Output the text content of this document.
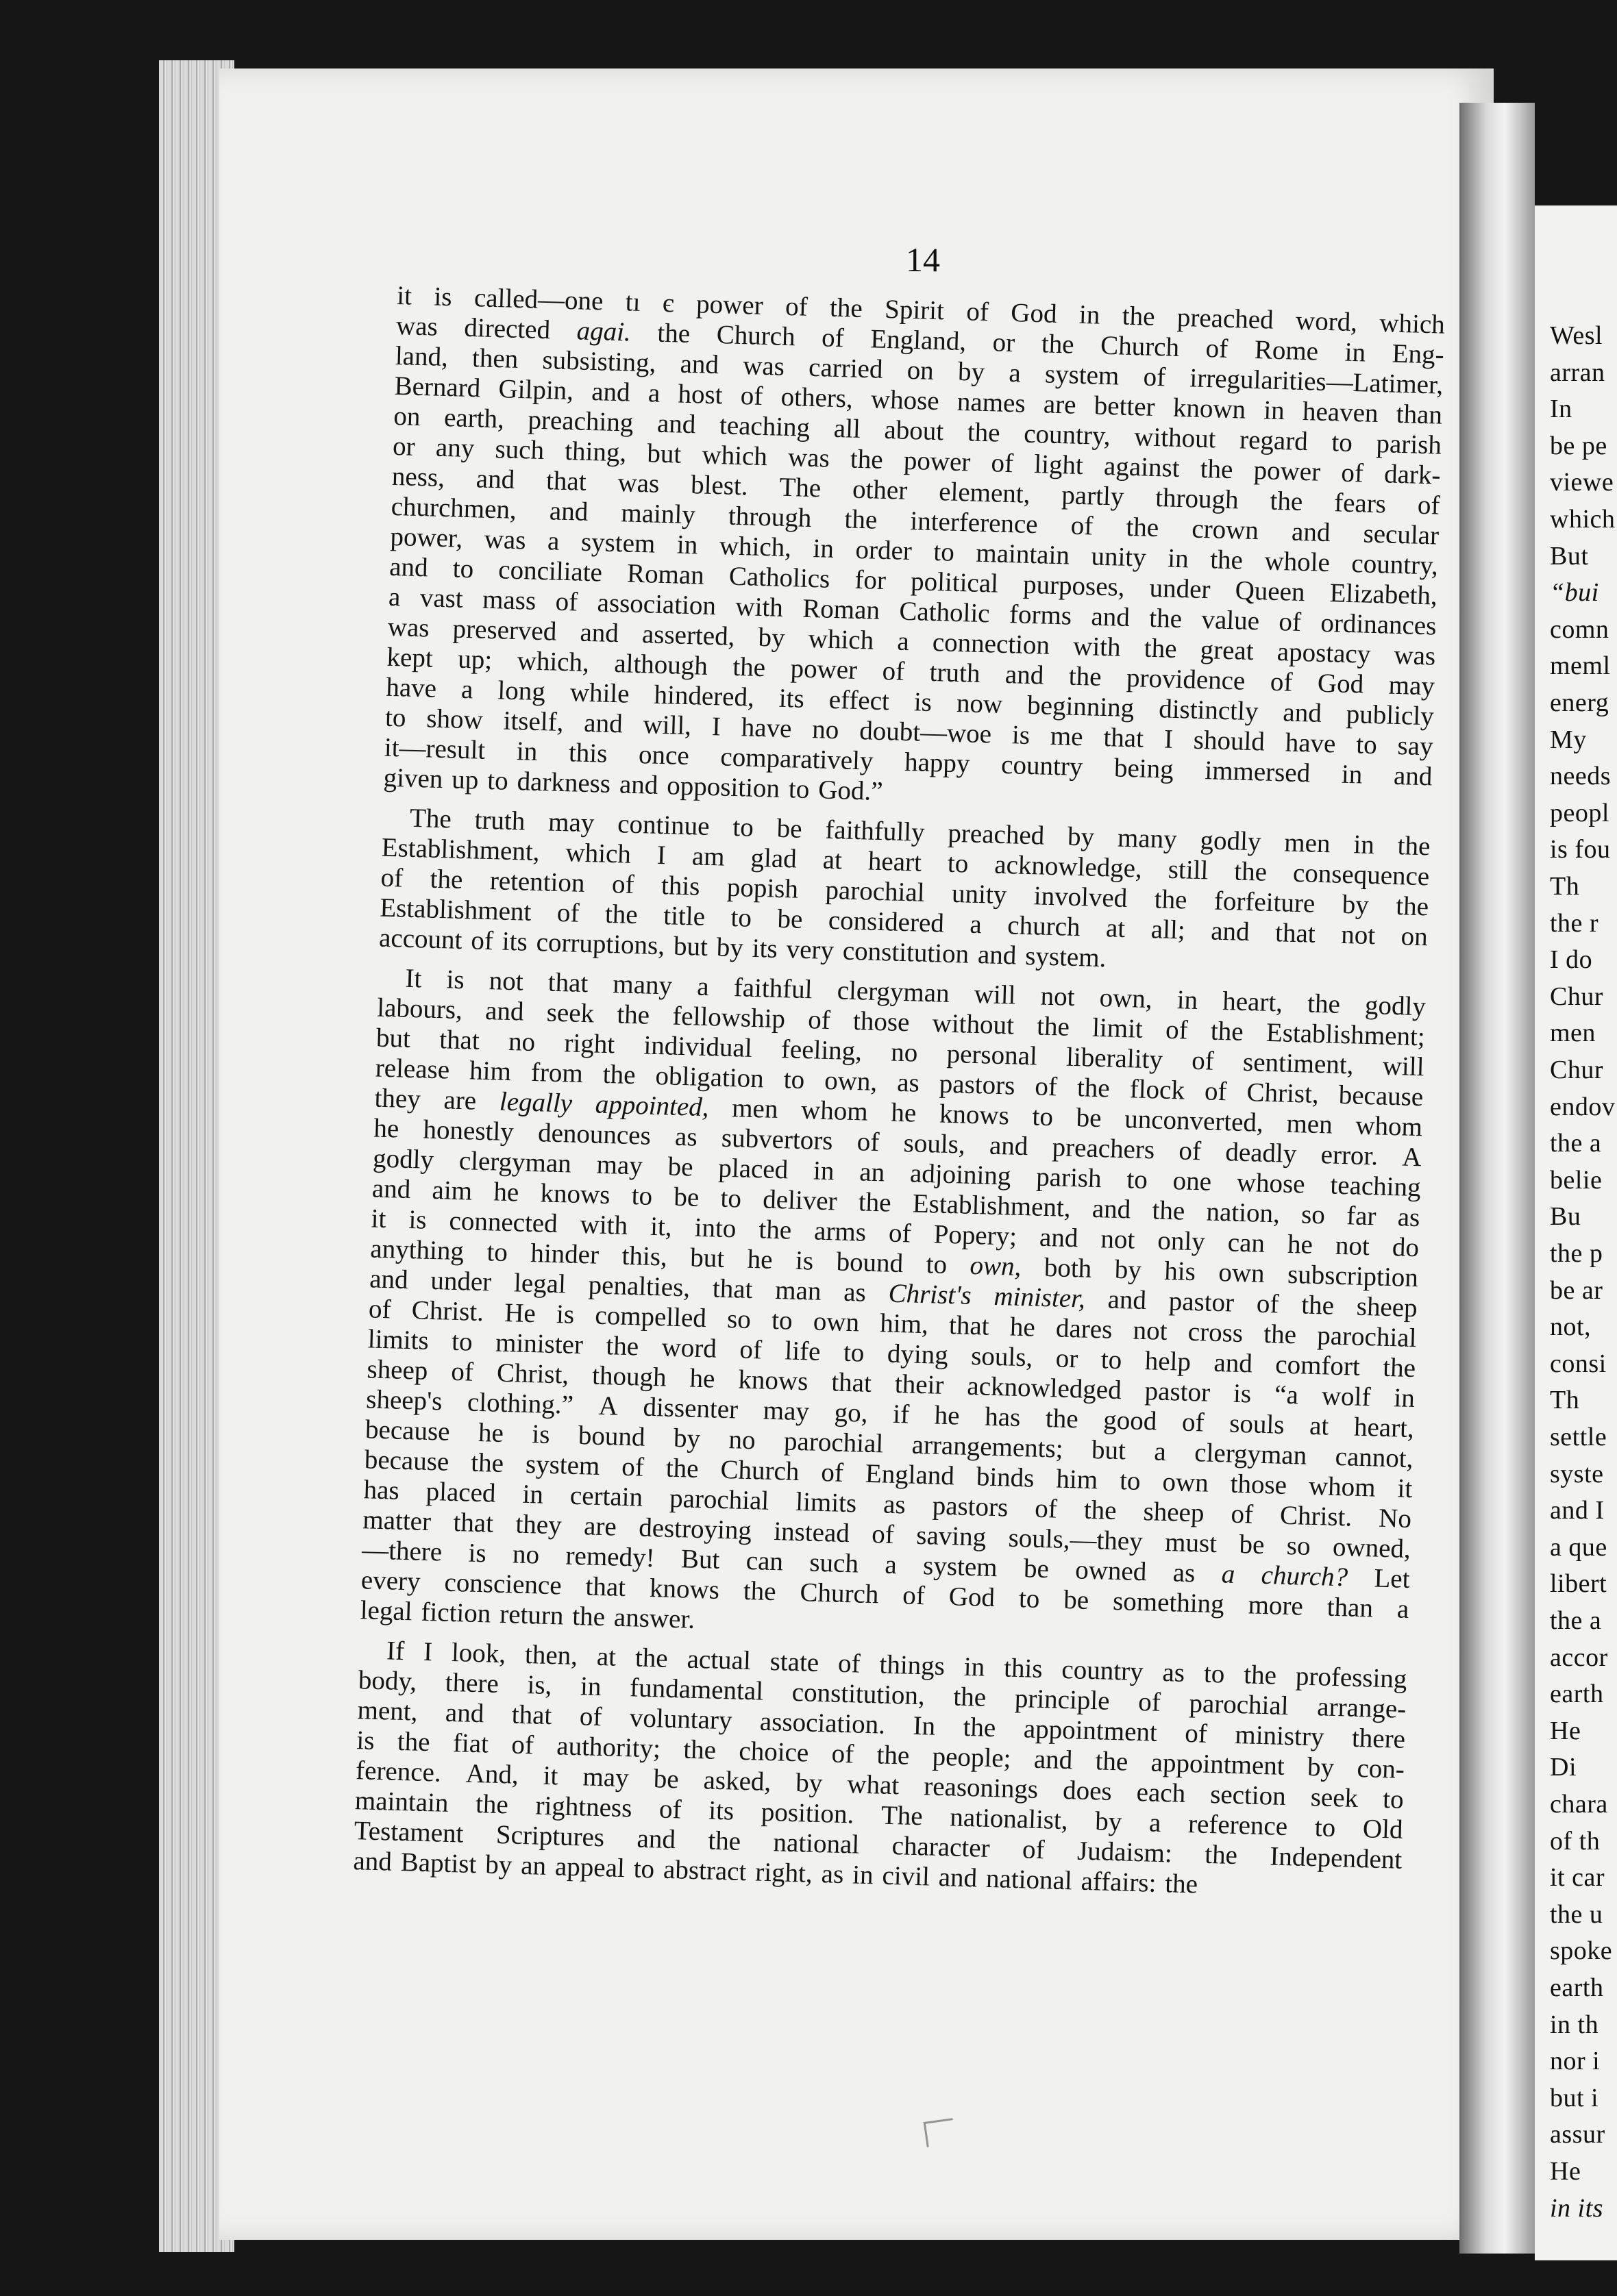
Wesl
arran
In
be pe
viewe
which
But
“bui
comn
meml
energ
My
needs
peopl
is fou
Th
the r
I do
Chur
men
Chur
endov
the a
belie
Bu
the p
be ar
not,
consi
Th
settle
syste
and I
a que
libert
the a
accor
earth
He
Di
chara
of th
it car
the u
spoke
earth
in th
nor i
but i
assur
He
in its
14
it is called—one tı є power of the Spirit of God in the preached word, which
was directed agai. the Church of England, or the Church of Rome in Eng-
land, then subsisting, and was carried on by a system of irregularities—Latimer,
Bernard Gilpin, and a host of others, whose names are better known in heaven than
on earth, preaching and teaching all about the country, without regard to parish
or any such thing, but which was the power of light against the power of dark-
ness, and that was blest. The other element, partly through the fears of
churchmen, and mainly through the interference of the crown and secular
power, was a system in which, in order to maintain unity in the whole country,
and to conciliate Roman Catholics for political purposes, under Queen Elizabeth,
a vast mass of association with Roman Catholic forms and the value of ordinances
was preserved and asserted, by which a connection with the great apostacy was
kept up; which, although the power of truth and the providence of God may
have a long while hindered, its effect is now beginning distinctly and publicly
to show itself, and will, I have no doubt—woe is me that I should have to say
it—result in this once comparatively happy country being immersed in and
given up to darkness and opposition to God.”
The truth may continue to be faithfully preached by many godly men in the
Establishment, which I am glad at heart to acknowledge, still the consequence
of the retention of this popish parochial unity involved the forfeiture by the
Establishment of the title to be considered a church at all; and that not on
account of its corruptions, but by its very constitution and system.
It is not that many a faithful clergyman will not own, in heart, the godly
labours, and seek the fellowship of those without the limit of the Establishment;
but that no right individual feeling, no personal liberality of sentiment, will
release him from the obligation to own, as pastors of the flock of Christ, because
they are legally appointed, men whom he knows to be unconverted, men whom
he honestly denounces as subvertors of souls, and preachers of deadly error. A
godly clergyman may be placed in an adjoining parish to one whose teaching
and aim he knows to be to deliver the Establishment, and the nation, so far as
it is connected with it, into the arms of Popery; and not only can he not do
anything to hinder this, but he is bound to own, both by his own subscription
and under legal penalties, that man as Christ's minister, and pastor of the sheep
of Christ. He is compelled so to own him, that he dares not cross the parochial
limits to minister the word of life to dying souls, or to help and comfort the
sheep of Christ, though he knows that their acknowledged pastor is “a wolf in
sheep's clothing.” A dissenter may go, if he has the good of souls at heart,
because he is bound by no parochial arrangements; but a clergyman cannot,
because the system of the Church of England binds him to own those whom it
has placed in certain parochial limits as pastors of the sheep of Christ. No
matter that they are destroying instead of saving souls,—they must be so owned,
—there is no remedy! But can such a system be owned as a church? Let
every conscience that knows the Church of God to be something more than a
legal fiction return the answer.
If I look, then, at the actual state of things in this country as to the professing
body, there is, in fundamental constitution, the principle of parochial arrange-
ment, and that of voluntary association. In the appointment of ministry there
is the fiat of authority; the choice of the people; and the appointment by con-
ference. And, it may be asked, by what reasonings does each section seek to
maintain the rightness of its position. The nationalist, by a reference to Old
Testament Scriptures and the national character of Judaism: the Independent
and Baptist by an appeal to abstract right, as in civil and national affairs: the
